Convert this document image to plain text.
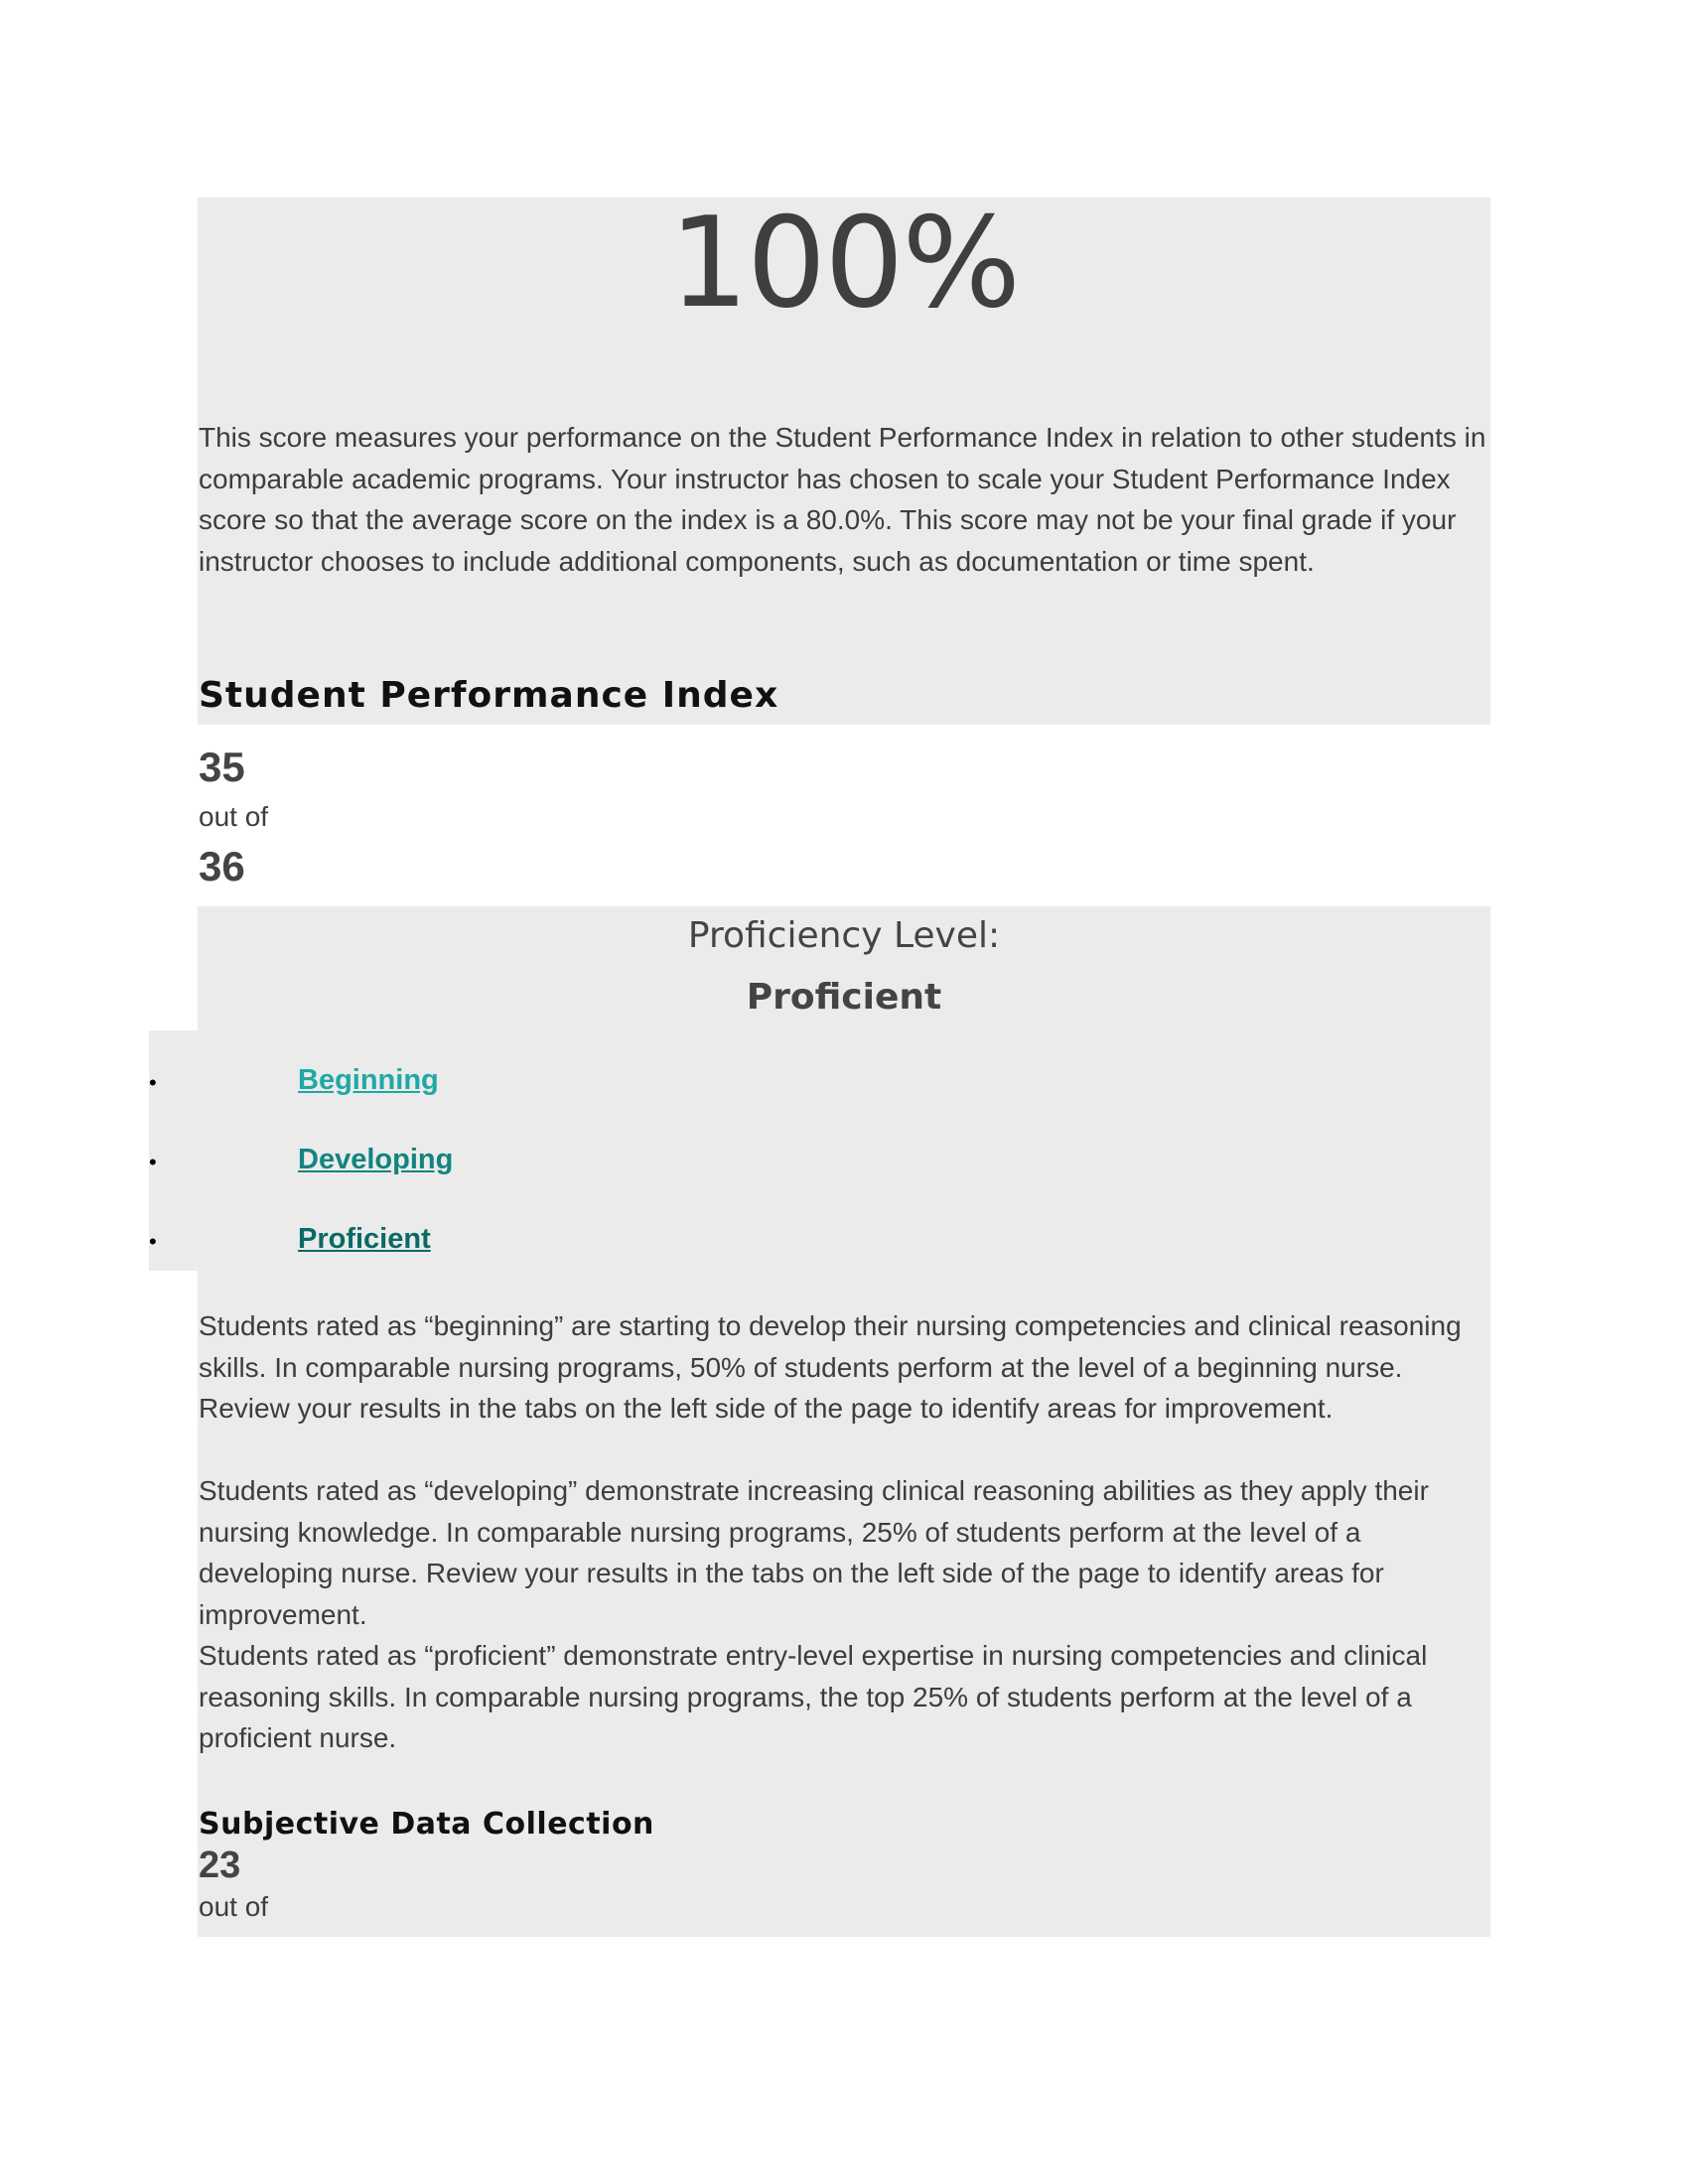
100%
This score measures your performance on the Student Performance Index in relation to other students in comparable academic programs. Your instructor has chosen to scale your Student Performance Index score so that the average score on the index is a 80.0%. This score may not be your final grade if your instructor chooses to include additional components, such as documentation or time spent.
Student Performance Index
35
out of
36
Proficiency Level:
Proficient
•	Beginning
•	Developing
•	Proficient
Students rated as “beginning” are starting to develop their nursing competencies and clinical reasoning skills. In comparable nursing programs, 50% of students perform at the level of a beginning nurse. Review your results in the tabs on the left side of the page to identify areas for improvement.
Students rated as “developing” demonstrate increasing clinical reasoning abilities as they apply their nursing knowledge. In comparable nursing programs, 25% of students perform at the level of a developing nurse. Review your results in the tabs on the left side of the page to identify areas for improvement.
Students rated as “proficient” demonstrate entry-level expertise in nursing competencies and clinical reasoning skills. In comparable nursing programs, the top 25% of students perform at the level of a proficient nurse.
Subjective Data Collection
23
out of
